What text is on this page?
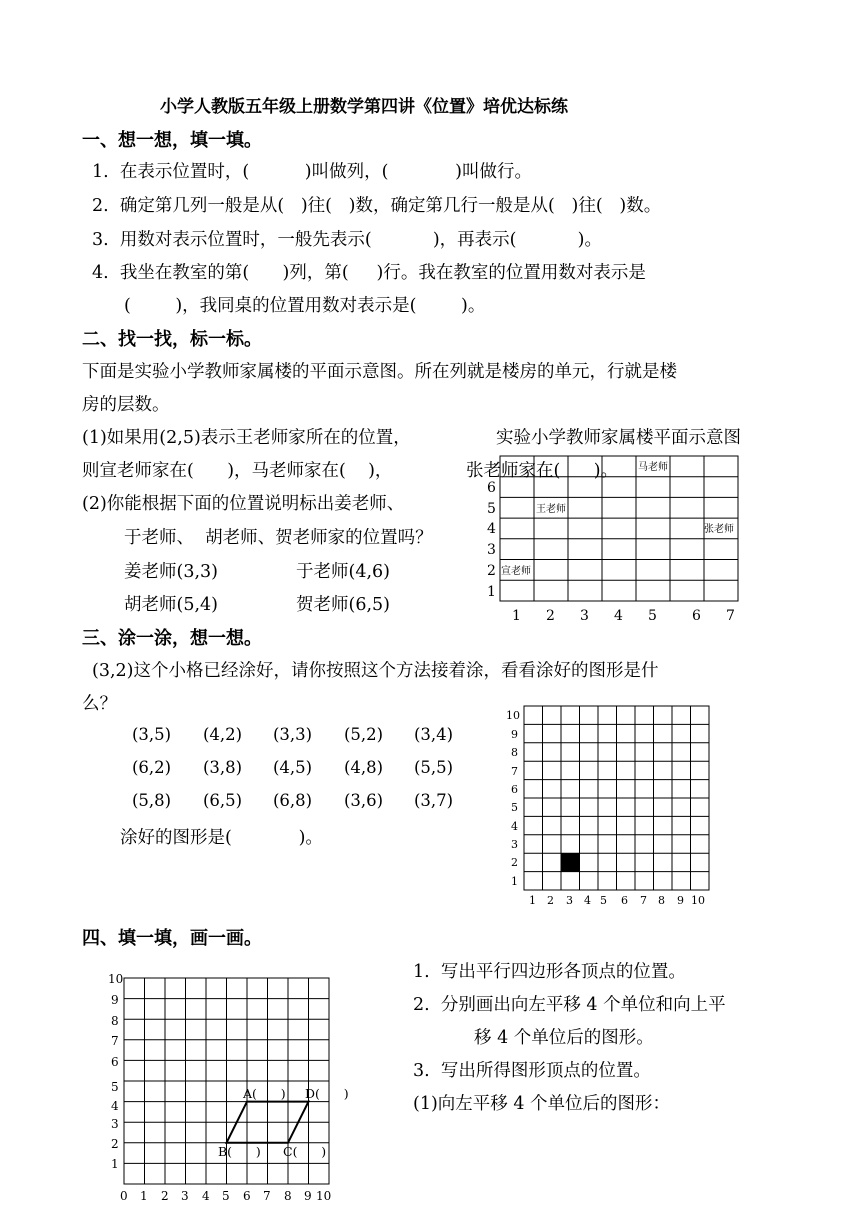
小学人教版五年级上册数学第四讲《位置》培优达标练
一、想一想，填一填。
1.  在表示位置时，(          )叫做列，(            )叫做行。
2.  确定第几列一般是从(   )往(   )数，确定第几行一般是从(   )往(   )数。
3.  用数对表示位置时，一般先表示(           )，再表示(           )。
4.  我坐在教室的第(      )列，第(     )行。我在教室的位置用数对表示是
(        )，我同桌的位置用数对表示是(        )。
二、找一找，标一标。
下面是实验小学教师家属楼的平面示意图。所在列就是楼房的单元，行就是楼
房的层数。
(1)如果用(2,5)表示王老师家所在的位置，
则宣老师家在(      )，马老师家在(    )，	张老师家在(      )。
(2)你能根据下面的位置说明标出姜老师、
于老师、  胡老师、贺老师家的位置吗？
姜老师(3,3)	于老师(4,6)
胡老师(5,4)	贺老师(6,5)
实验小学教师家属楼平面示意图
6
5
4
3
2
1
1 2 3 4 5	6 7
马老师
王老师
张老师
宣老师
三、涂一涂，想一想。
(3,2)这个小格已经涂好，请你按照这个方法接着涂，看看涂好的图形是什
么？
(3,5) (4,2) (3,3) (5,2) (3,4)
(6,2) (3,8) (4,5) (4,8) (5,5)
(5,8) (6,5) (6,8) (3,6) (3,7)
涂好的图形是(            )。
10
9
8
7
6
5
4
3
2
1
1 2 3 4 5 6 7 8 9 10
四、填一填，画一画。
1.  写出平行四边形各顶点的位置。
2.  分别画出向左平移 4 个单位和向上平
移 4 个单位后的图形。
3.  写出所得图形顶点的位置。
(1)向左平移 4 个单位后的图形：
10
9
8
7
6
5
4
3
2
1
0 1 2 3 4 5 6 7 8 9 10
A(      ) D(      )
B(      ) C(      )
